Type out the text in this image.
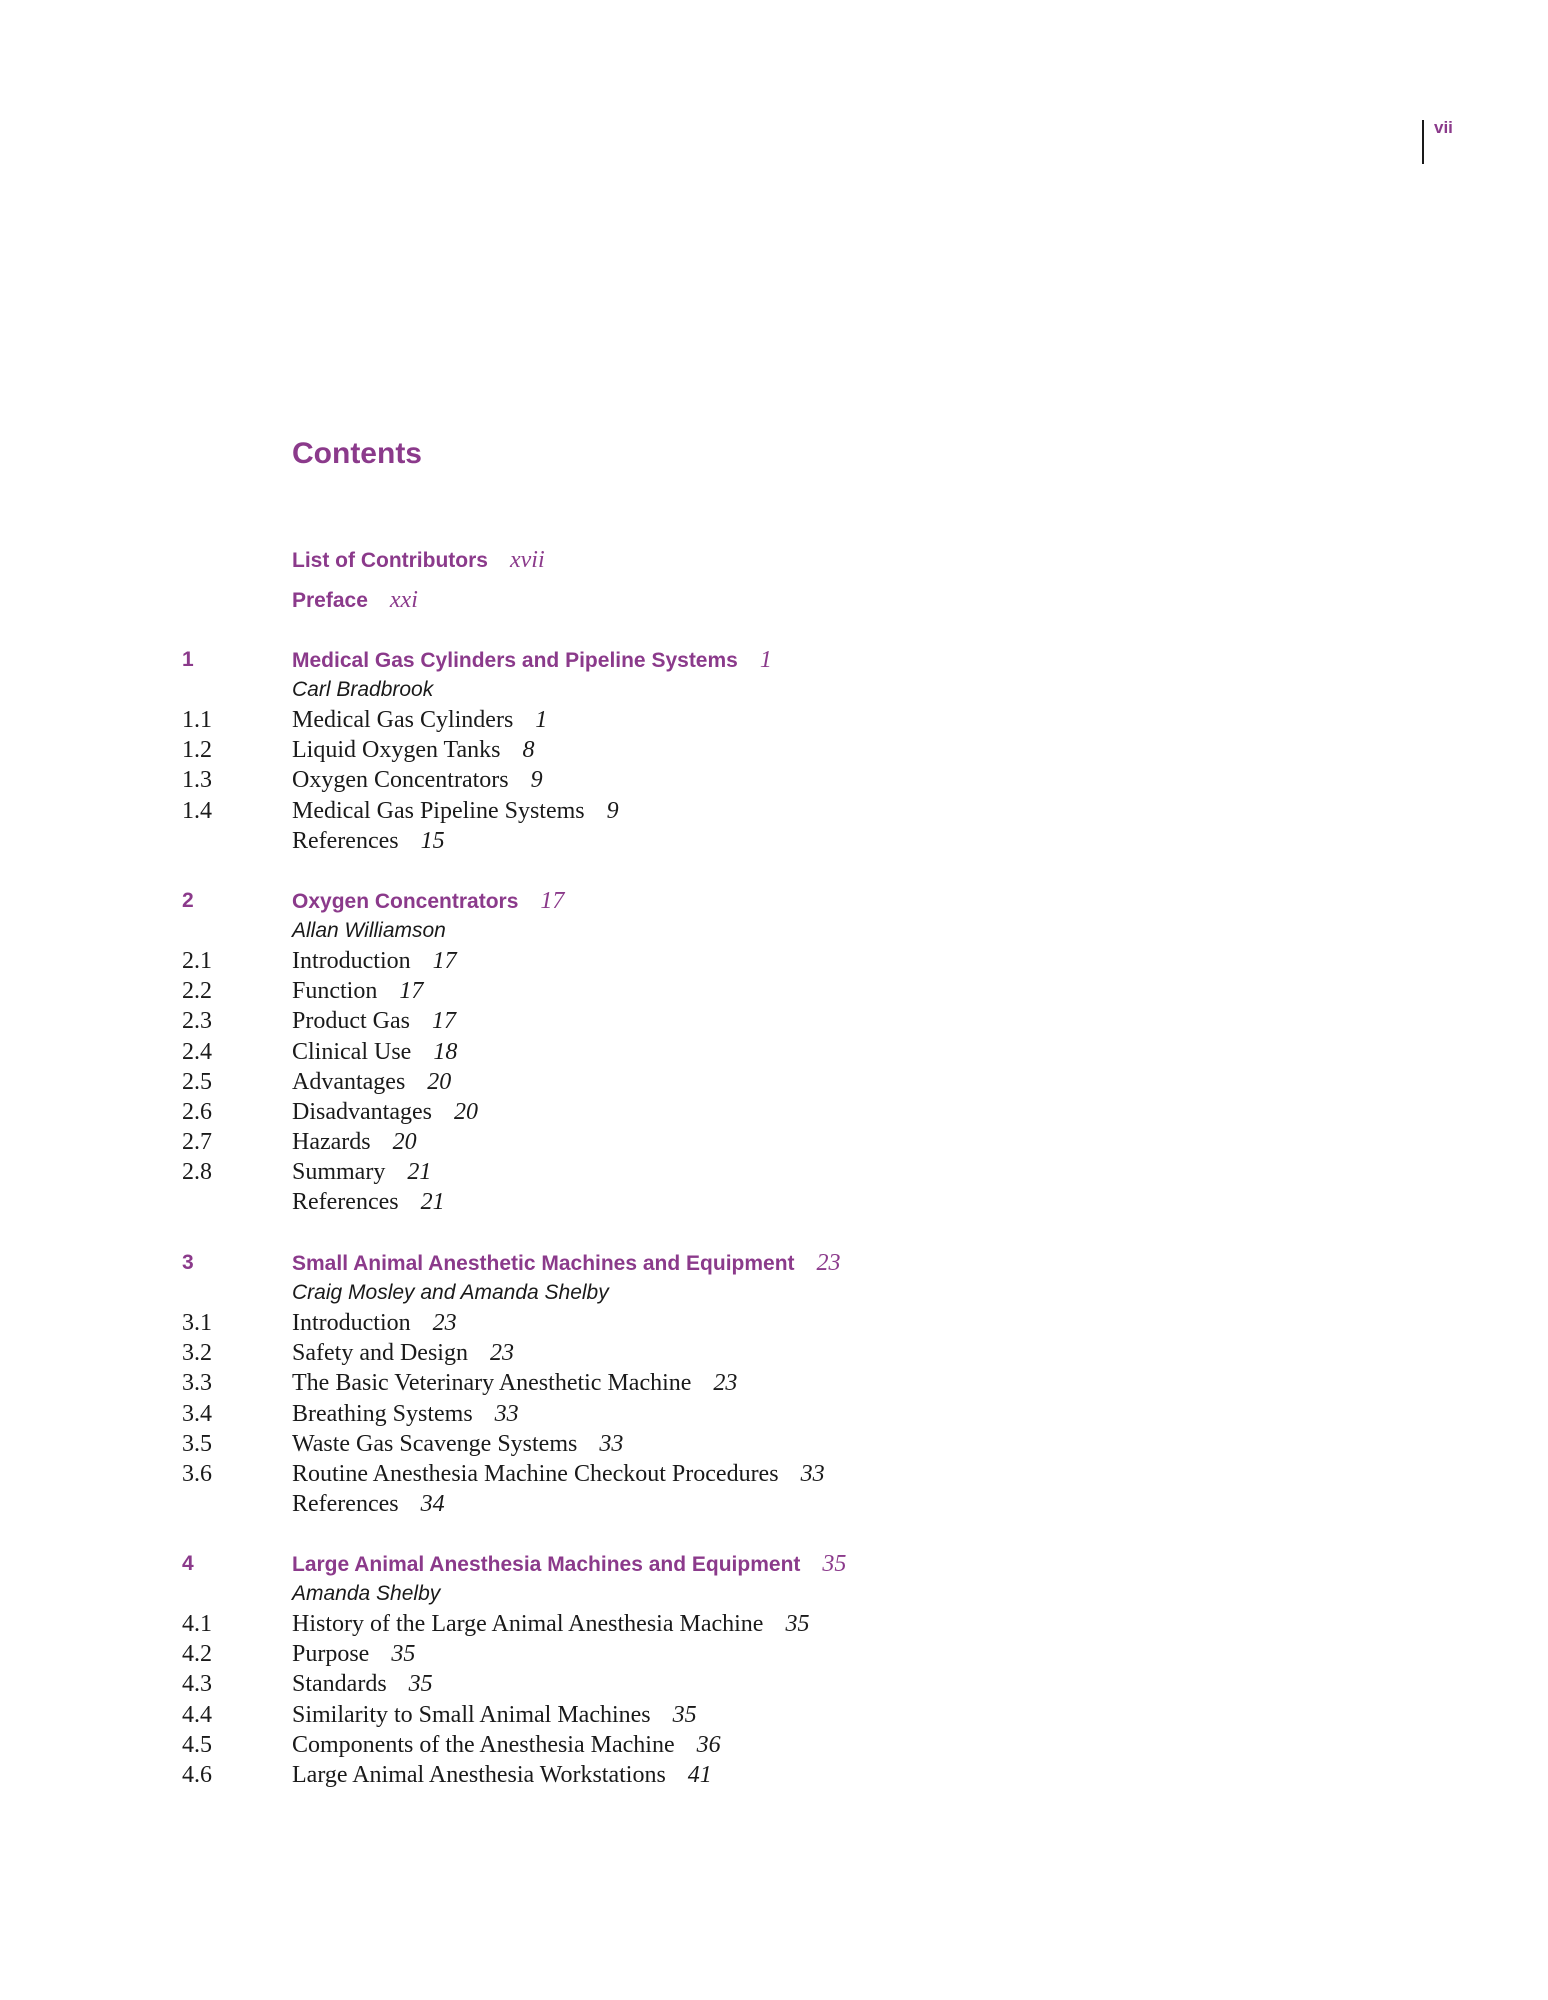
vii
Contents
List of Contributors xvii
Preface xxi
1	Medical Gas Cylinders and Pipeline Systems 1
Carl Bradbrook
1.1	Medical Gas Cylinders 1
1.2	Liquid Oxygen Tanks 8
1.3	Oxygen Concentrators 9
1.4	Medical Gas Pipeline Systems 9
References 15
2	Oxygen Concentrators 17
Allan Williamson
2.1	Introduction 17
2.2	Function 17
2.3	Product Gas 17
2.4	Clinical Use 18
2.5	Advantages 20
2.6	Disadvantages 20
2.7	Hazards 20
2.8	Summary 21
References 21
3	Small Animal Anesthetic Machines and Equipment 23
Craig Mosley and Amanda Shelby
3.1	Introduction 23
3.2	Safety and Design 23
3.3	The Basic Veterinary Anesthetic Machine 23
3.4	Breathing Systems 33
3.5	Waste Gas Scavenge Systems 33
3.6	Routine Anesthesia Machine Checkout Procedures 33
References 34
4	Large Animal Anesthesia Machines and Equipment 35
Amanda Shelby
4.1	History of the Large Animal Anesthesia Machine 35
4.2	Purpose 35
4.3	Standards 35
4.4	Similarity to Small Animal Machines 35
4.5	Components of the Anesthesia Machine 36
4.6	Large Animal Anesthesia Workstations 41
